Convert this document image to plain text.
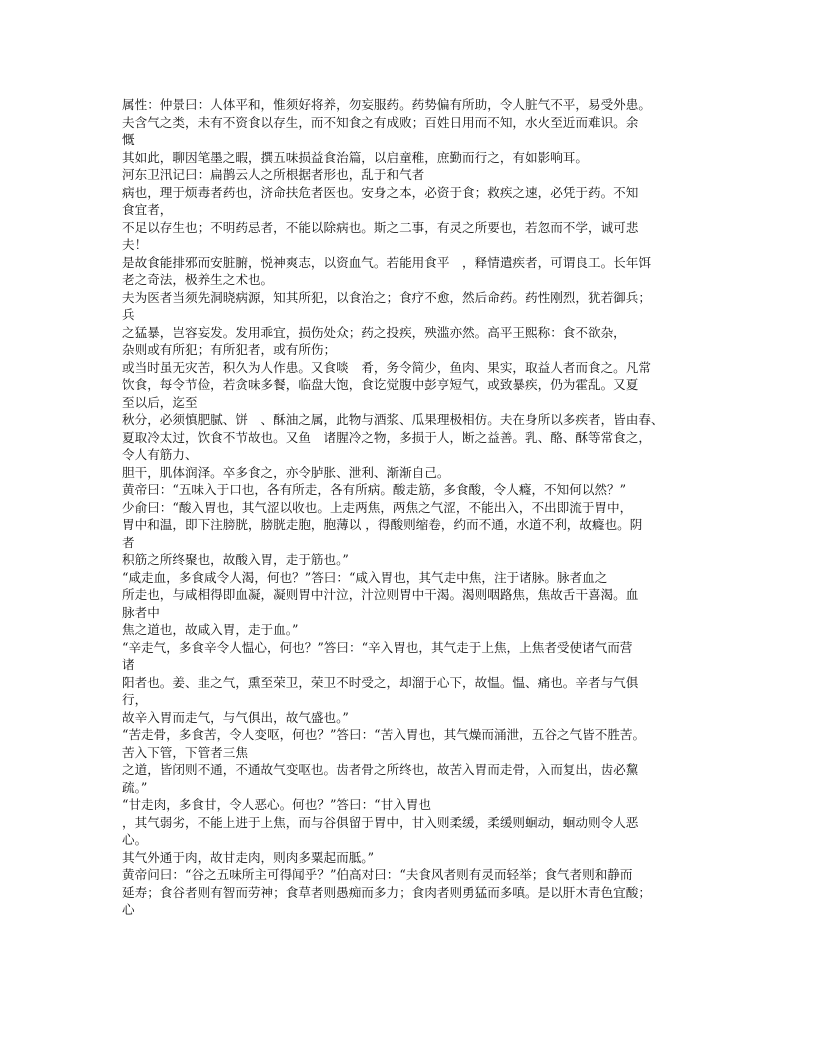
属性：仲景曰：人体平和，惟须好将养，勿妄服药。药势偏有所助，令人脏气不平，易受外患。
夫含气之类，未有不资食以存生，而不知食之有成败；百姓日用而不知，水火至近而难识。余
慨
其如此，聊因笔墨之暇，撰五味损益食治篇，以启童稚，庶勤而行之，有如影响耳。
河东卫汛记曰：扁鹊云人之所根据者形也，乱于和气者
病也，理于烦毒者药也，济命扶危者医也。安身之本，必资于食；救疾之速，必凭于药。不知
食宜者，
不足以存生也；不明药忌者，不能以除病也。斯之二事，有灵之所要也，若忽而不学，诚可悲
夫！
是故食能排邪而安脏腑，悦神爽志，以资血气。若能用食平　，释情遣疾者，可谓良工。长年饵
老之奇法，极养生之术也。
夫为医者当须先洞晓病源，知其所犯，以食治之；食疗不愈，然后命药。药性刚烈，犹若御兵；
兵
之猛暴，岂容妄发。发用乖宜，损伤处众；药之投疾，殃滥亦然。高平王熙称：食不欲杂，
杂则或有所犯；有所犯者，或有所伤；
或当时虽无灾苦，积久为人作患。又食啖　肴，务令简少，鱼肉、果实，取益人者而食之。凡常
饮食，每令节俭，若贪味多餐，临盘大饱，食讫觉腹中彭亨短气，或致暴疾，仍为霍乱。又夏
至以后，迄至
秋分，必须慎肥腻、饼　、酥油之属，此物与酒浆、瓜果理极相仿。夫在身所以多疾者，皆由春、
夏取冷太过，饮食不节故也。又鱼　诸腥冷之物，多损于人，断之益善。乳、酪、酥等常食之，
令人有筋力、
胆干，肌体润泽。卒多食之，亦令胪胀、泄利、渐渐自己。
黄帝曰：“五味入于口也，各有所走，各有所病。酸走筋，多食酸，令人癃，不知何以然？”
少俞曰：“酸入胃也，其气涩以收也。上走两焦，两焦之气涩，不能出入，不出即流于胃中，
胃中和温，即下注膀胱，膀胱走胞，胞薄以 ，得酸则缩卷，约而不通，水道不利，故癃也。阴
者
积筋之所终聚也，故酸入胃，走于筋也。”
“咸走血，多食咸令人渴，何也？”答曰：“咸入胃也，其气走中焦，注于诸脉。脉者血之
所走也，与咸相得即血凝，凝则胃中汁泣，汁泣则胃中干渴。渴则咽路焦，焦故舌干喜渴。血
脉者中
焦之道也，故咸入胃，走于血。”
“辛走气，多食辛令人愠心，何也？”答曰：“辛入胃也，其气走于上焦，上焦者受使诸气而营
诸
阳者也。姜、韭之气，熏至荣卫，荣卫不时受之，却溜于心下，故愠。愠、痛也。辛者与气俱
行，
故辛入胃而走气，与气俱出，故气盛也。”
“苦走骨，多食苦，令人变呕，何也？”答曰：“苦入胃也，其气燥而涌泄，五谷之气皆不胜苦。
苦入下管，下管者三焦
之道，皆闭则不通，不通故气变呕也。齿者骨之所终也，故苦入胃而走骨，入而复出，齿必黧
疏。”
“甘走肉，多食甘，令人恶心。何也？”答曰：“甘入胃也
，其气弱劣，不能上进于上焦，而与谷俱留于胃中，甘入则柔缓，柔缓则蛔动，蛔动则令人恶
心。
其气外通于肉，故甘走肉，则肉多粟起而胝。”
黄帝问曰：“谷之五味所主可得闻乎？”伯高对曰：“夫食风者则有灵而轻举；食气者则和静而
延寿；食谷者则有智而劳神；食草者则愚痴而多力；食肉者则勇猛而多嗔。是以肝木青色宜酸；
心
